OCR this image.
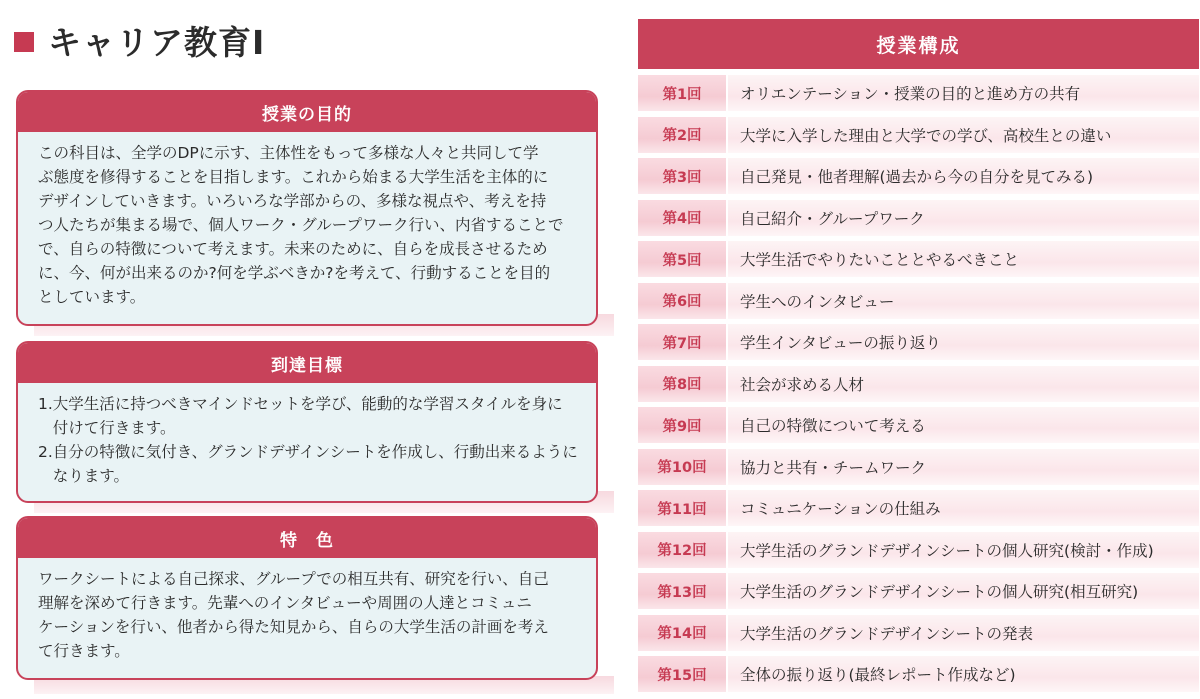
キャリア教育Ⅰ
授業の目的
この科目は、全学のDPに示す、主体性をもって多様な人々と共同して学
ぶ態度を修得することを目指します。これから始まる大学生活を主体的に
デザインしていきます。いろいろな学部からの、多様な視点や、考えを持
つ人たちが集まる場で、個人ワーク・グループワーク行い、内省することで
で、自らの特徴について考えます。未来のために、自らを成長させるため
に、今、何が出来るのか?何を学ぶべきか?を考えて、行動することを目的
としています。
到達目標
1. 大学生活に持つべきマインドセットを学び、能動的な学習スタイルを身に付けて行きます。
2. 自分の特徴に気付き、グランドデザインシートを作成し、行動出来るようになります。
特　色
ワークシートによる自己探求、グループでの相互共有、研究を行い、自己
理解を深めて行きます。先輩へのインタビューや周囲の人達とコミュニ
ケーションを行い、他者から得た知見から、自らの大学生活の計画を考え
て行きます。
授業構成
第1回	オリエンテーション・授業の目的と進め方の共有
第2回	大学に入学した理由と大学での学び、高校生との違い
第3回	自己発見・他者理解(過去から今の自分を見てみる)
第4回	自己紹介・グループワーク
第5回	大学生活でやりたいこととやるべきこと
第6回	学生へのインタビュー
第7回	学生インタビューの振り返り
第8回	社会が求める人材
第9回	自己の特徴について考える
第10回	協力と共有・チームワーク
第11回	コミュニケーションの仕組み
第12回	大学生活のグランドデザインシートの個人研究(検討・作成)
第13回	大学生活のグランドデザインシートの個人研究(相互研究)
第14回	大学生活のグランドデザインシートの発表
第15回	全体の振り返り(最終レポート作成など)
